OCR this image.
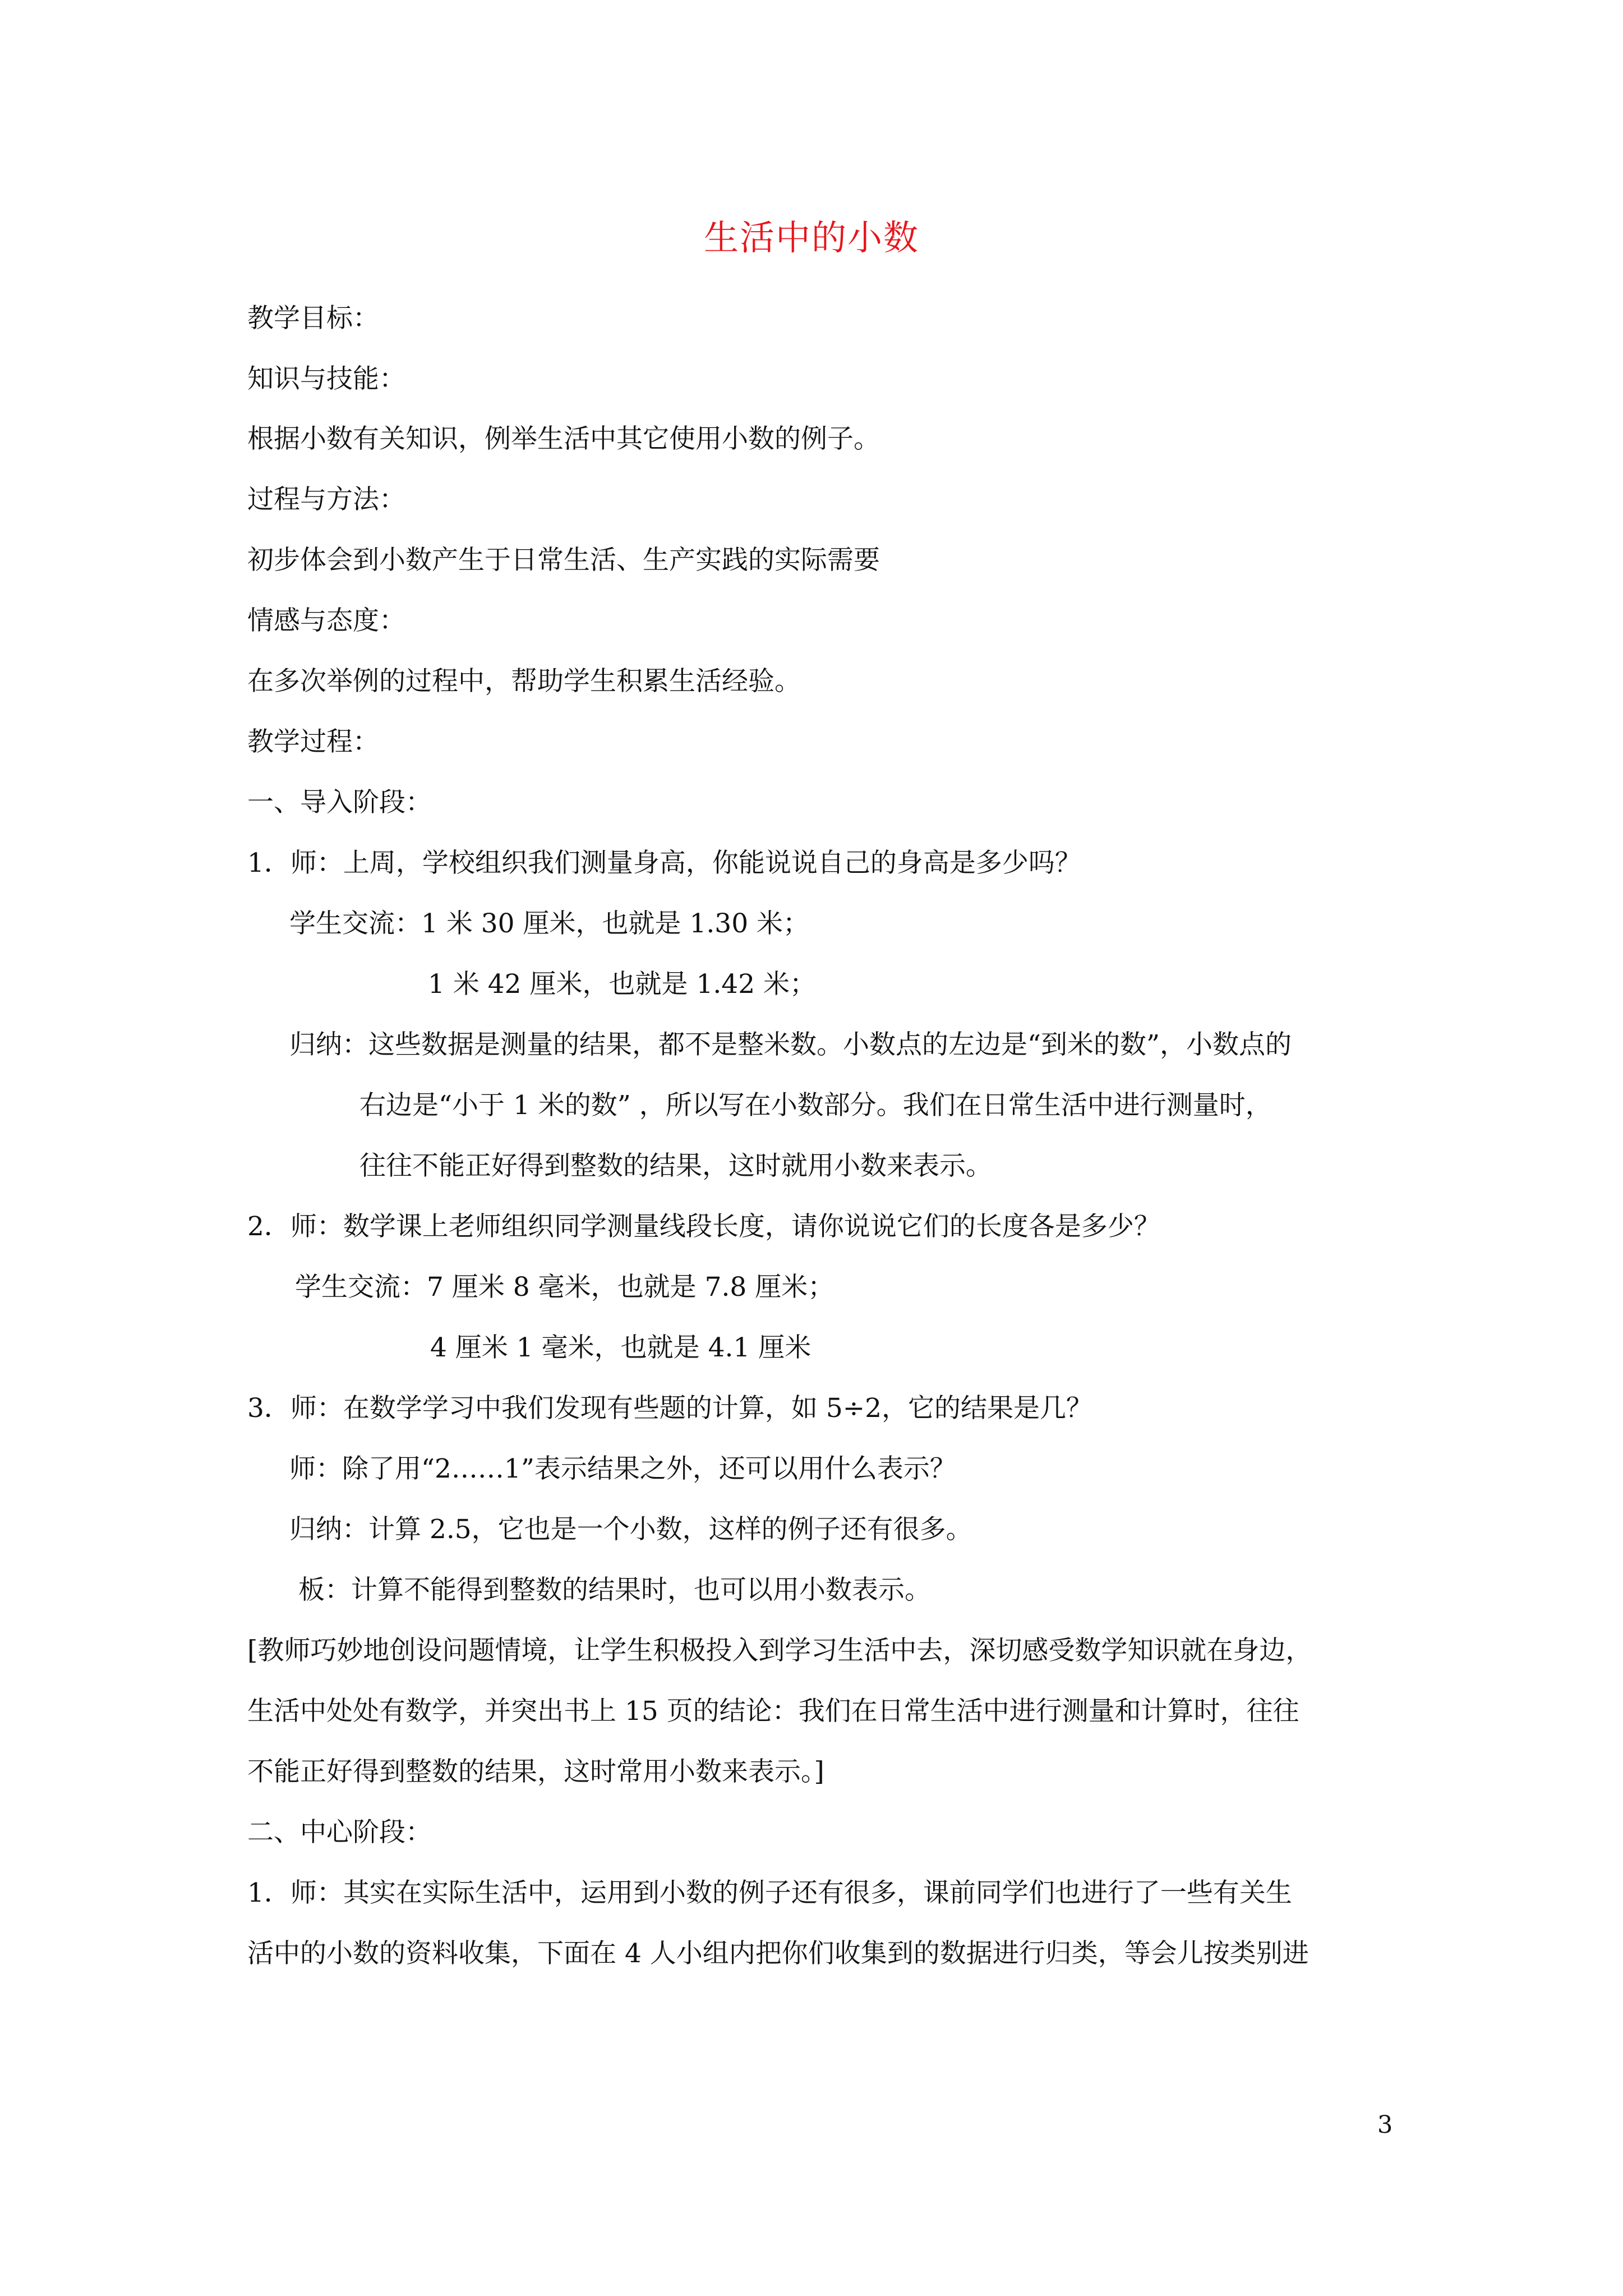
生活中的小数
教学目标：
知识与技能：
根据小数有关知识，例举生活中其它使用小数的例子。
过程与方法：
初步体会到小数产生于日常生活、生产实践的实际需要
情感与态度：
在多次举例的过程中，帮助学生积累生活经验。
教学过程：
一、导入阶段：
1．师：上周，学校组织我们测量身高，你能说说自己的身高是多少吗？
学生交流：1 米 30 厘米，也就是 1.30 米；
1 米 42 厘米，也就是 1.42 米；
归纳：这些数据是测量的结果，都不是整米数。小数点的左边是“到米的数”，小数点的
右边是“小于 1 米的数” ，所以写在小数部分。我们在日常生活中进行测量时，
往往不能正好得到整数的结果，这时就用小数来表示。
2．师：数学课上老师组织同学测量线段长度，请你说说它们的长度各是多少？
学生交流：7 厘米 8 毫米，也就是 7.8 厘米；
4 厘米 1 毫米，也就是 4.1 厘米
3．师：在数学学习中我们发现有些题的计算，如 5÷2，它的结果是几？
师：除了用“2……1”表示结果之外，还可以用什么表示？
归纳：计算 2.5，它也是一个小数，这样的例子还有很多。
板：计算不能得到整数的结果时，也可以用小数表示。
[教师巧妙地创设问题情境，让学生积极投入到学习生活中去，深切感受数学知识就在身边，
生活中处处有数学，并突出书上 15 页的结论：我们在日常生活中进行测量和计算时，往往
不能正好得到整数的结果，这时常用小数来表示。]
二、中心阶段：
1．师：其实在实际生活中，运用到小数的例子还有很多，课前同学们也进行了一些有关生
活中的小数的资料收集，下面在 4 人小组内把你们收集到的数据进行归类，等会儿按类别进
3
